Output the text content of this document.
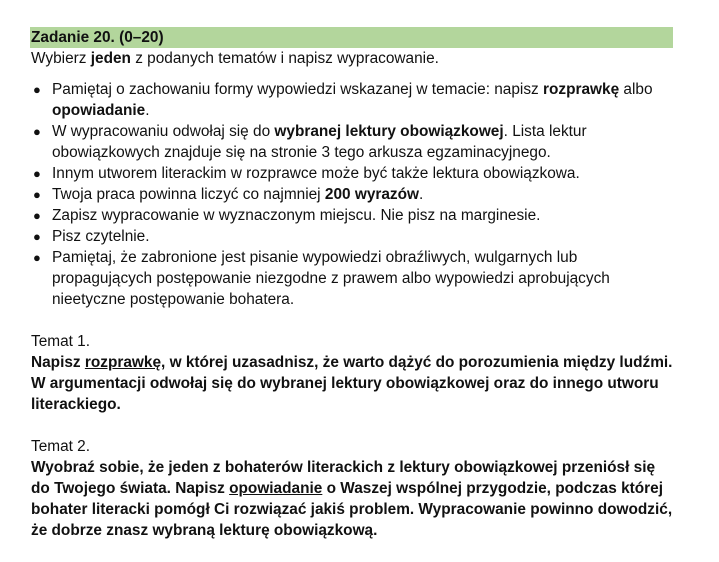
Zadanie 20. (0–20)

Wybierz jeden z podanych tematów i napisz wypracowanie.

● Pamiętaj o zachowaniu formy wypowiedzi wskazanej w temacie: napisz rozprawkę albo opowiadanie.
● W wypracowaniu odwołaj się do wybranej lektury obowiązkowej. Lista lektur obowiązkowych znajduje się na stronie 3 tego arkusza egzaminacyjnego.
● Innym utworem literackim w rozprawce może być także lektura obowiązkowa.
● Twoja praca powinna liczyć co najmniej 200 wyrazów.
● Zapisz wypracowanie w wyznaczonym miejscu. Nie pisz na marginesie.
● Pisz czytelnie.
● Pamiętaj, że zabronione jest pisanie wypowiedzi obraźliwych, wulgarnych lub propagujących postępowanie niezgodne z prawem albo wypowiedzi aprobujących nieetyczne postępowanie bohatera.

Temat 1.

Napisz rozprawkę, w której uzasadnisz, że warto dążyć do porozumienia między ludźmi. W argumentacji odwołaj się do wybranej lektury obowiązkowej oraz do innego utworu literackiego.

Temat 2.

Wyobraź sobie, że jeden z bohaterów literackich z lektury obowiązkowej przeniósł się do Twojego świata. Napisz opowiadanie o Waszej wspólnej przygodzie, podczas której bohater literacki pomógł Ci rozwiązać jakiś problem. Wypracowanie powinno dowodzić, że dobrze znasz wybraną lekturę obowiązkową.
